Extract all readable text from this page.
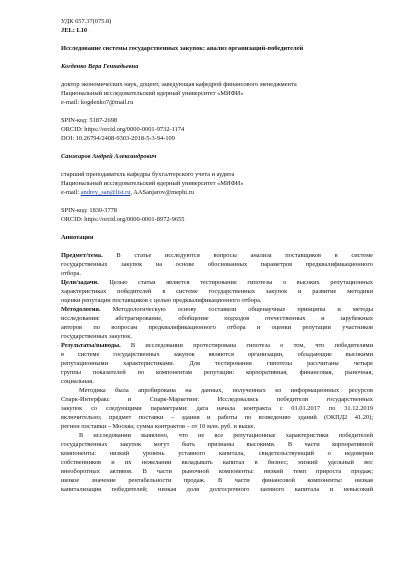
УДК 657.37(075.8)
JEL: L10
Исследование системы государственных закупок: анализ организаций-победителей
Когденко Вера Геннадьевна
доктор экономических наук, доцент, заведующая кафедрой финансового менеджмента
Национальный исследовательский ядерный университет «МИФИ»
e-mail: kogdenko7@mail.ru
SPIN-код: 5187-2698
ORCID: https://orcid.org/0000-0001-9732-1174
DOI: 10.26794/2408-9303-2018-5-3-94-109
Санжаров Андрей Александрович
старший преподаватель кафедры бухгалтерского учета и аудита
Национальный исследовательский ядерный университет «МИФИ»
e-mail: andrey_san@list.ru, AASanjarov@mephi.ru
SPIN-код: 1830-3778
ORCID: https://orcid.org/0000-0001-8972-9655
Аннотация
Предмет/тема. В статье исследуются вопросы анализа поставщиков в системе
государственных закупок на основе обоснованных параметров предквалификационного
отбора.
Цели/задачи. Целью статьи является тестирование гипотезы о высоких репутационных
характеристиках победителей в системе государственных закупок и развитие методики
оценки репутации поставщиков с целью предквалификационного отбора.
Методология. Методологическую основу составили общенаучные принципы и методы
исследования: абстрагирование, обобщение подходов отечественных и зарубежных
авторов по вопросам предквалификационного отбора и оценки репутации участников
государственных закупок.
Результаты/выводы. В исследовании протестирована гипотеза о том, что победителями
в системе государственных закупок являются организации, обладающие высокими
репутационными характеристиками. Для тестирования гипотезы рассчитаны четыре
группы показателей по компонентам репутации: корпоративная, финансовая, рыночная,
социальная.
Методика была апробирована на данных, полученных из информационных ресурсов
Спарк-Интерфакс и Спарк-Маркетинг. Исследовались победители государственных
закупок со следующими параметрами: дата начала контракта с 01.01.2017 по 31.12.2019
включительно; предмет поставки – здания и работы по возведению зданий (ОКПД2 41.20);
регион поставки – Москва; сумма контрактов – от 10 млн. руб. и выше.
В исследовании выявлено, что не все репутационные характеристики победителей
государственных закупок могут быть признаны высокими. В части корпоративной
компоненты: низкий уровень уставного капитала, свидетельствующий о недоверии
собственников и их нежелании вкладывать капитал в бизнес; низкий удельный вес
внеоборотных активов. В части рыночной компоненты: низкий темп прироста продаж;
низкое значение рентабельности продаж. В части финансовой компоненты: низкая
капитализация победителей; низкая доля долгосрочного заемного капитала и невысокий
